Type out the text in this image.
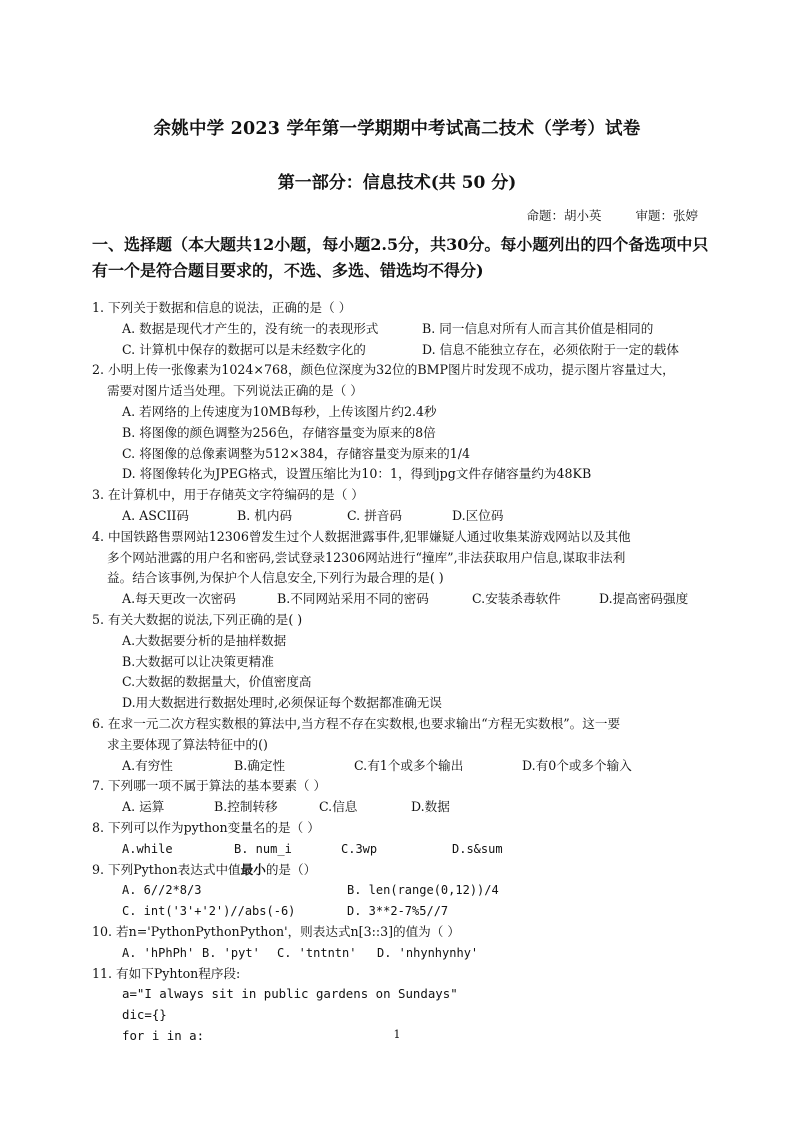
余姚中学 2023 学年第一学期期中考试高二技术（学考）试卷
第一部分：信息技术(共 50 分)
命题：胡小英	审题：张婷
一、选择题（本大题共12小题，每小题2.5分，共30分。每小题列出的四个备选项中只
有一个是符合题目要求的，不选、多选、错选均不得分)
1. 下列关于数据和信息的说法，正确的是（ ）
A. 数据是现代才产生的，没有统一的表现形式	B. 同一信息对所有人而言其价值是相同的
C. 计算机中保存的数据可以是未经数字化的	D. 信息不能独立存在，必须依附于一定的载体
2. 小明上传一张像素为1024×768，颜色位深度为32位的BMP图片时发现不成功，提示图片容量过大，
需要对图片适当处理。下列说法正确的是（ ）
A. 若网络的上传速度为10MB每秒，上传该图片约2.4秒
B. 将图像的颜色调整为256色，存储容量变为原来的8倍
C. 将图像的总像素调整为512×384，存储容量变为原来的1/4
D. 将图像转化为JPEG格式，设置压缩比为10：1，得到jpg文件存储容量约为48KB
3. 在计算机中，用于存储英文字符编码的是（ ）
A. ASCII码	B. 机内码	C. 拼音码	D.区位码
4. 中国铁路售票网站12306曾发生过个人数据泄露事件,犯罪嫌疑人通过收集某游戏网站以及其他
多个网站泄露的用户名和密码,尝试登录12306网站进行“撞库”,非法获取用户信息,谋取非法利
益。结合该事例,为保护个人信息安全,下列行为最合理的是( )
A.每天更改一次密码	B.不同网站采用不同的密码	C.安装杀毒软件	D.提高密码强度
5. 有关大数据的说法,下列正确的是( )
A.大数据要分析的是抽样数据
B.大数据可以让决策更精准
C.大数据的数据量大，价值密度高
D.用大数据进行数据处理时,必须保证每个数据都准确无误
6. 在求一元二次方程实数根的算法中,当方程不存在实数根,也要求输出“方程无实数根”。这一要
求主要体现了算法特征中的()
A.有穷性	B.确定性	C.有1个或多个输出	D.有0个或多个输入
7. 下列哪一项不属于算法的基本要素（ ）
A. 运算	B.控制转移	C.信息	D.数据
8. 下列可以作为python变量名的是（ ）
A.while	B. num_i	C.3wp	D.s&sum
9. 下列Python表达式中值最小的是（）
A. 6//2*8/3	B. len(range(0,12))/4
C. int('3'+'2')//abs(-6)	D. 3**2-7%5//7
10. 若n='PythonPythonPython'，则表达式n[3::3]的值为（ ）
A. 'hPhPh' B. 'pyt'	C. 'tntntn'	D. 'nhynhynhy'
11. 有如下Pyhton程序段:
a="I always sit in public gardens on Sundays"
dic={}
for i in a:	1
